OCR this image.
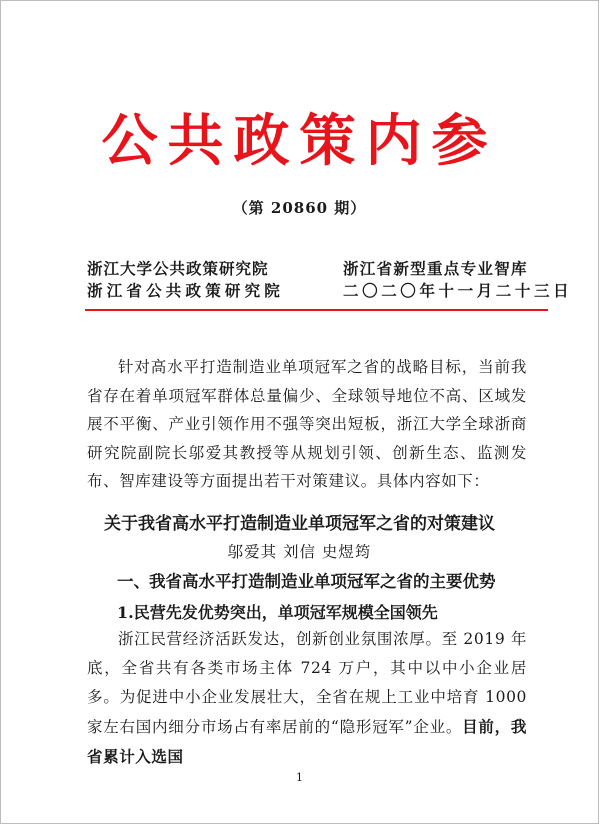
公共政策内参
（第 20860 期）
浙江大学公共政策研究院
浙江省公共政策研究院
浙江省新型重点专业智库
二〇二〇年十一月二十三日

针对高水平打造制造业单项冠军之省的战略目标，当前我省存在着单项冠军群体总量偏少、全球领导地位不高、区域发展不平衡、产业引领作用不强等突出短板，浙江大学全球浙商研究院副院长邬爱其教授等从规划引领、创新生态、监测发布、智库建设等方面提出若干对策建议。具体内容如下：

关于我省高水平打造制造业单项冠军之省的对策建议
邬爱其 刘信 史煜筠
一、我省高水平打造制造业单项冠军之省的主要优势
1.民营先发优势突出，单项冠军规模全国领先

浙江民营经济活跃发达，创新创业氛围浓厚。至 2019 年底，全省共有各类市场主体 724 万户，其中以中小企业居多。为促进中小企业发展壮大，全省在规上工业中培育 1000 家左右国内细分市场占有率居前的“隐形冠军”企业。目前，我省累计入选国

1
